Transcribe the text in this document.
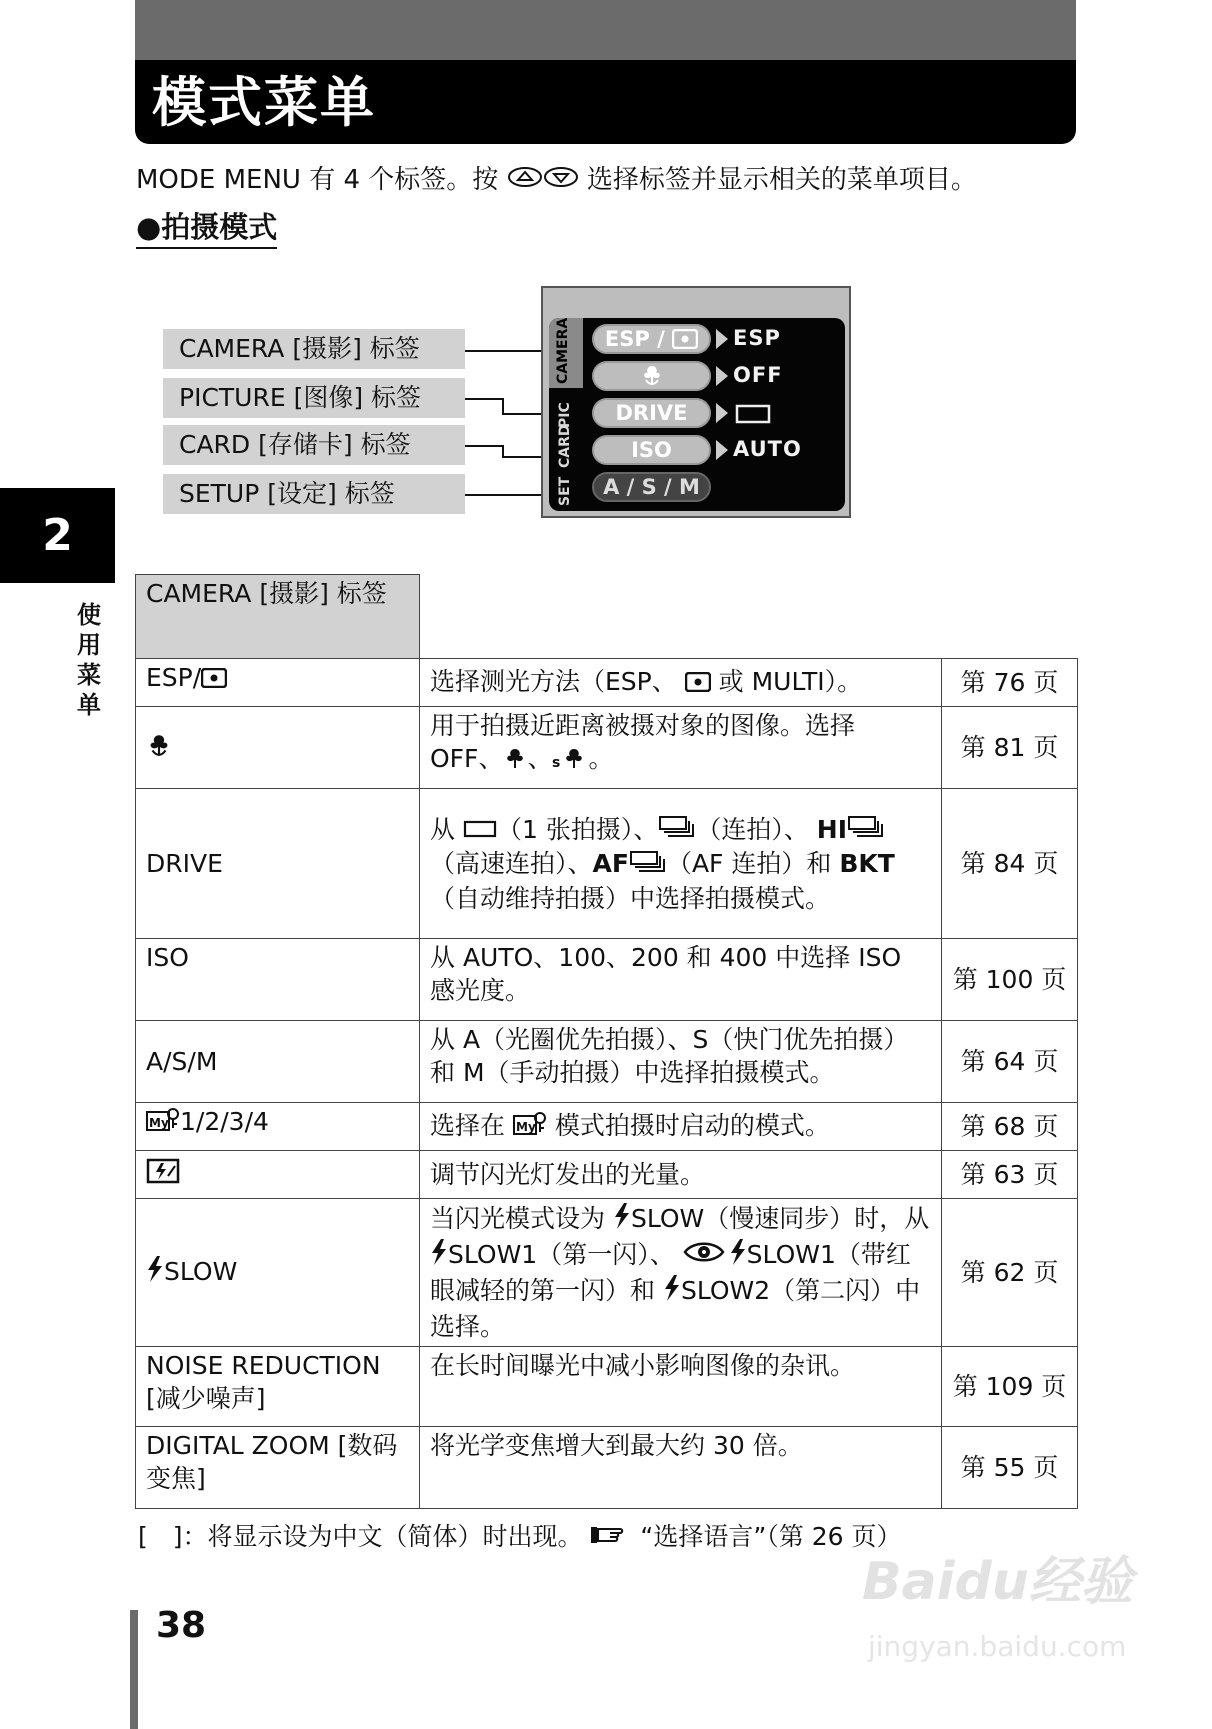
模式菜单
MODE MENU 有 4 个标签。按	选择标签并显示相关的菜单项目。
●拍摄模式
CAMERA [摄影] 标签
PICTURE [图像] 标签
CARD [存储卡] 标签
SETUP [设定] 标签
CAMERA
PIC
CARD
SET
ESP /	ESP
OFF
DRIVE
ISO	AUTO
A / S / M
2
使用菜单
CAMERA [摄影] 标签		
ESP/	选择测光方法（ESP、 或 MULTI）。	第 76 页
	用于拍摄近距离被摄对象的图像。选择 OFF、 、 s 。	第 81 页
DRIVE	从 （1 张拍摄）、 （连拍）、 HI（高速连拍）、AF （AF 连拍）和 BKT（自动维持拍摄）中选择拍摄模式。	第 84 页
ISO	从 AUTO、100、200 和 400 中选择 ISO 感光度。	第 100 页
A/S/M	从 A（光圈优先拍摄）、S（快门优先拍摄）和 M（手动拍摄）中选择拍摄模式。	第 64 页

My 1/2/3/4	选择在 My 模式拍摄时启动的模式。	第 68 页
	调节闪光灯发出的光量。	第 63 页
SLOW	当闪光模式设为 SLOW（慢速同步）时，从 SLOW1（第一闪）、 SLOW1（带红眼减轻的第一闪）和 SLOW2（第二闪）中选择。	第 62 页
NOISE REDUCTION [减少噪声]	在长时间曝光中减小影响图像的杂讯。	第 109 页
DIGITAL ZOOM [数码变焦]	将光学变焦增大到最大约 30 倍。	第 55 页
[　]：将显示设为中文（简体）时出现。 “选择语言”（第 26 页）
38
Baidu经验
jingyan.baidu.com
